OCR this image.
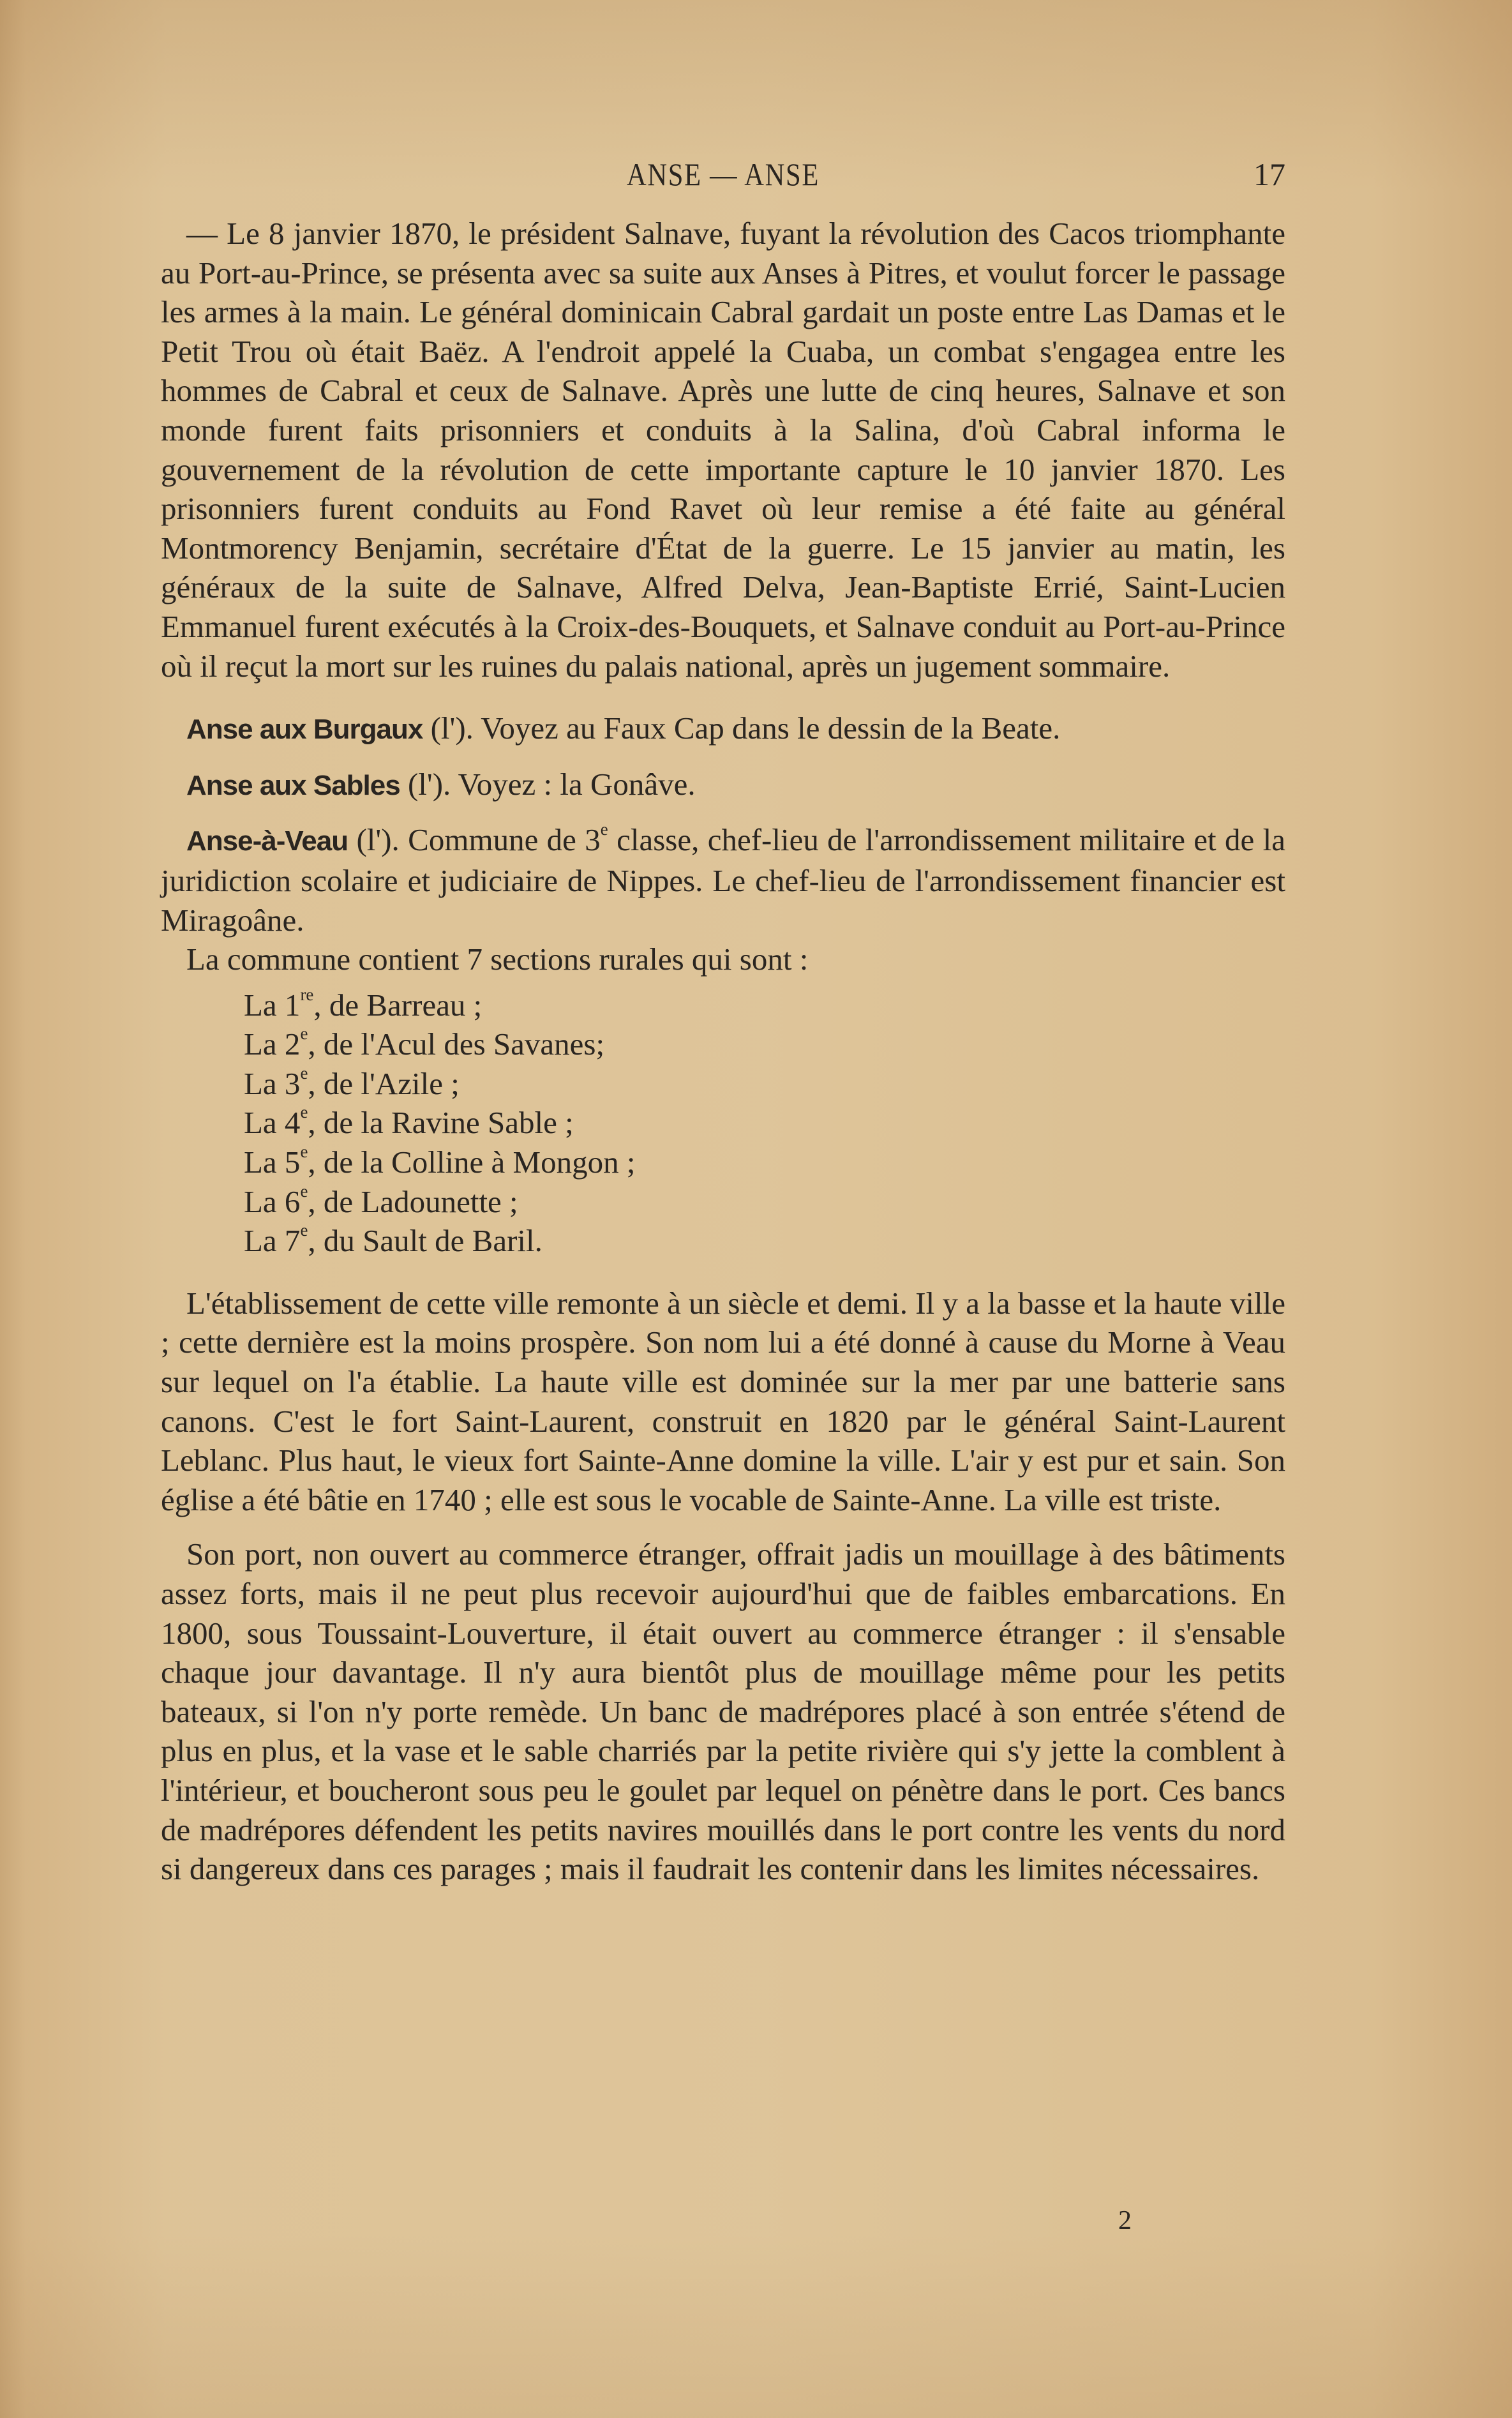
ANSE — ANSE	17

— Le 8 janvier 1870, le président Salnave, fuyant la révolution des Cacos triomphante au Port-au-Prince, se présenta avec sa suite aux Anses à Pitres, et voulut forcer le passage les armes à la main. Le général dominicain Cabral gardait un poste entre Las Damas et le Petit Trou où était Baëz. A l'endroit appelé la Cuaba, un combat s'engagea entre les hommes de Cabral et ceux de Salnave. Après une lutte de cinq heures, Salnave et son monde furent faits prisonniers et conduits à la Salina, d'où Cabral informa le gouvernement de la révolution de cette importante capture le 10 janvier 1870. Les prisonniers furent conduits au Fond Ravet où leur remise a été faite au général Montmorency Benjamin, secrétaire d'État de la guerre. Le 15 janvier au matin, les généraux de la suite de Salnave, Alfred Delva, Jean-Baptiste Errié, Saint-Lucien Emmanuel furent exécutés à la Croix-des-Bouquets, et Salnave conduit au Port-au-Prince où il reçut la mort sur les ruines du palais national, après un jugement sommaire.

Anse aux Burgaux (l'). Voyez au Faux Cap dans le dessin de la Beate.

Anse aux Sables (l'). Voyez : la Gonâve.

Anse-à-Veau (l'). Commune de 3e classe, chef-lieu de l'arrondissement militaire et de la juridiction scolaire et judiciaire de Nippes. Le chef-lieu de l'arrondissement financier est Miragoâne.

La commune contient 7 sections rurales qui sont :

La 1re, de Barreau ;
La 2e, de l'Acul des Savanes;
La 3e, de l'Azile ;
La 4e, de la Ravine Sable ;
La 5e, de la Colline à Mongon ;
La 6e, de Ladounette ;
La 7e, du Sault de Baril.

L'établissement de cette ville remonte à un siècle et demi. Il y a la basse et la haute ville ; cette dernière est la moins prospère. Son nom lui a été donné à cause du Morne à Veau sur lequel on l'a établie. La haute ville est dominée sur la mer par une batterie sans canons. C'est le fort Saint-Laurent, construit en 1820 par le général Saint-Laurent Leblanc. Plus haut, le vieux fort Sainte-Anne domine la ville. L'air y est pur et sain. Son église a été bâtie en 1740 ; elle est sous le vocable de Sainte-Anne. La ville est triste.

Son port, non ouvert au commerce étranger, offrait jadis un mouillage à des bâtiments assez forts, mais il ne peut plus recevoir aujourd'hui que de faibles embarcations. En 1800, sous Toussaint-Louverture, il était ouvert au commerce étranger : il s'ensable chaque jour davantage. Il n'y aura bientôt plus de mouillage même pour les petits bateaux, si l'on n'y porte remède. Un banc de madrépores placé à son entrée s'étend de plus en plus, et la vase et le sable charriés par la petite rivière qui s'y jette la comblent à l'intérieur, et boucheront sous peu le goulet par lequel on pénètre dans le port. Ces bancs de madrépores défendent les petits navires mouillés dans le port contre les vents du nord si dangereux dans ces parages ; mais il faudrait les contenir dans les limites nécessaires.

2
